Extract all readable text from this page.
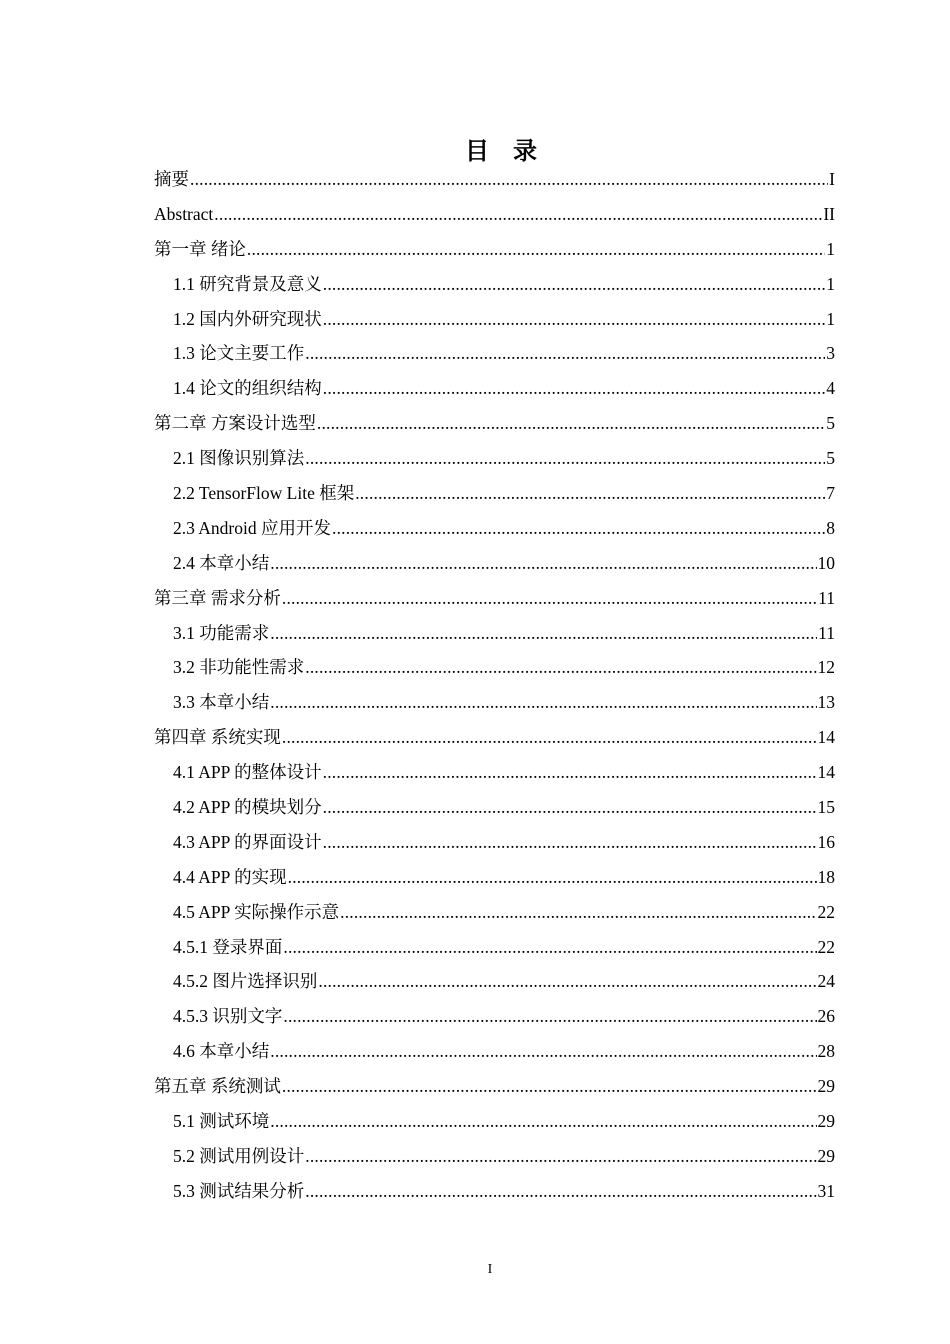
目　录
摘要 .....	I
Abstract .....	II
第一章 绪论 .....	1
1.1 研究背景及意义 .....	1
1.2 国内外研究现状 .....	1
1.3 论文主要工作 .....	3
1.4 论文的组织结构 .....	4
第二章 方案设计选型 .....	5
2.1 图像识别算法 .....	5
2.2 TensorFlow Lite 框架 .....	7
2.3 Android 应用开发 .....	8
2.4 本章小结 .....	10
第三章 需求分析 .....	11
3.1 功能需求 .....	11
3.2 非功能性需求 .....	12
3.3 本章小结 .....	13
第四章 系统实现 .....	14
4.1 APP 的整体设计 .....	14
4.2 APP 的模块划分 .....	15
4.3 APP 的界面设计 .....	16
4.4 APP 的实现 .....	18
4.5 APP 实际操作示意 .....	22
4.5.1 登录界面 .....	22
4.5.2 图片选择识别 .....	24
4.5.3 识别文字 .....	26
4.6 本章小结 .....	28
第五章 系统测试 .....	29
5.1 测试环境 .....	29
5.2 测试用例设计 .....	29
5.3 测试结果分析 .....	31
I
